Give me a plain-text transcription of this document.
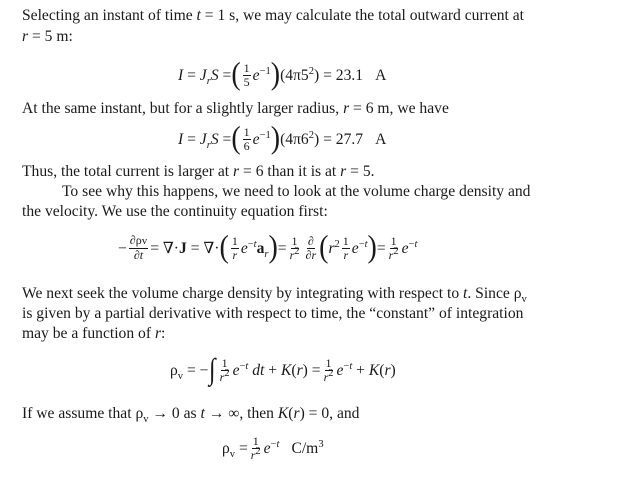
Selecting an instant of time t = 1 s, we may calculate the total outward current at
r = 5 m:
$I = J_rS$ = ( $\frac{1}{5} e^{-1}$ ) $(4\pi 5^2) = 23.1$ A
At the same instant, but for a slightly larger radius, r = 6 m, we have
$I = J_rS$ = ( $\frac{1}{6} e^{-1}$ ) $(4\pi 6^2) = 27.7$ A
Thus, the total current is larger at r = 6 than it is at r = 5.
To see why this happens, we need to look at the volume charge density and
the velocity. We use the continuity equation first:
− $\frac{\partial\rho v}{\partial t} = \nabla\cdot J$ = ∇· ( $\frac{1}{r} e^{-t}a_r$ ) = $\frac{1}{r2} \frac{\partial}{\partial r}$ ( $r^2 \frac{1}{r} e^{-t}$ ) = $\frac{1}{r2} e^{-t}$
We next seek the volume charge density by integrating with respect to t. Since $\rho_v$
is given by a partial derivative with respect to time, the “constant” of integration
may be a function of r:
$\rho_v$ = − ∫ $\frac{1}{r2} e^{-t}$ dt + $K(r) = \frac{1}{r2} e^{-t} + K(r)$
If we assume that $\rho_v \to 0$ as t → ∞, then K(r) = 0, and
$\rho_v = \frac{1}{r2} e^{-t}$ $C/m^3$
